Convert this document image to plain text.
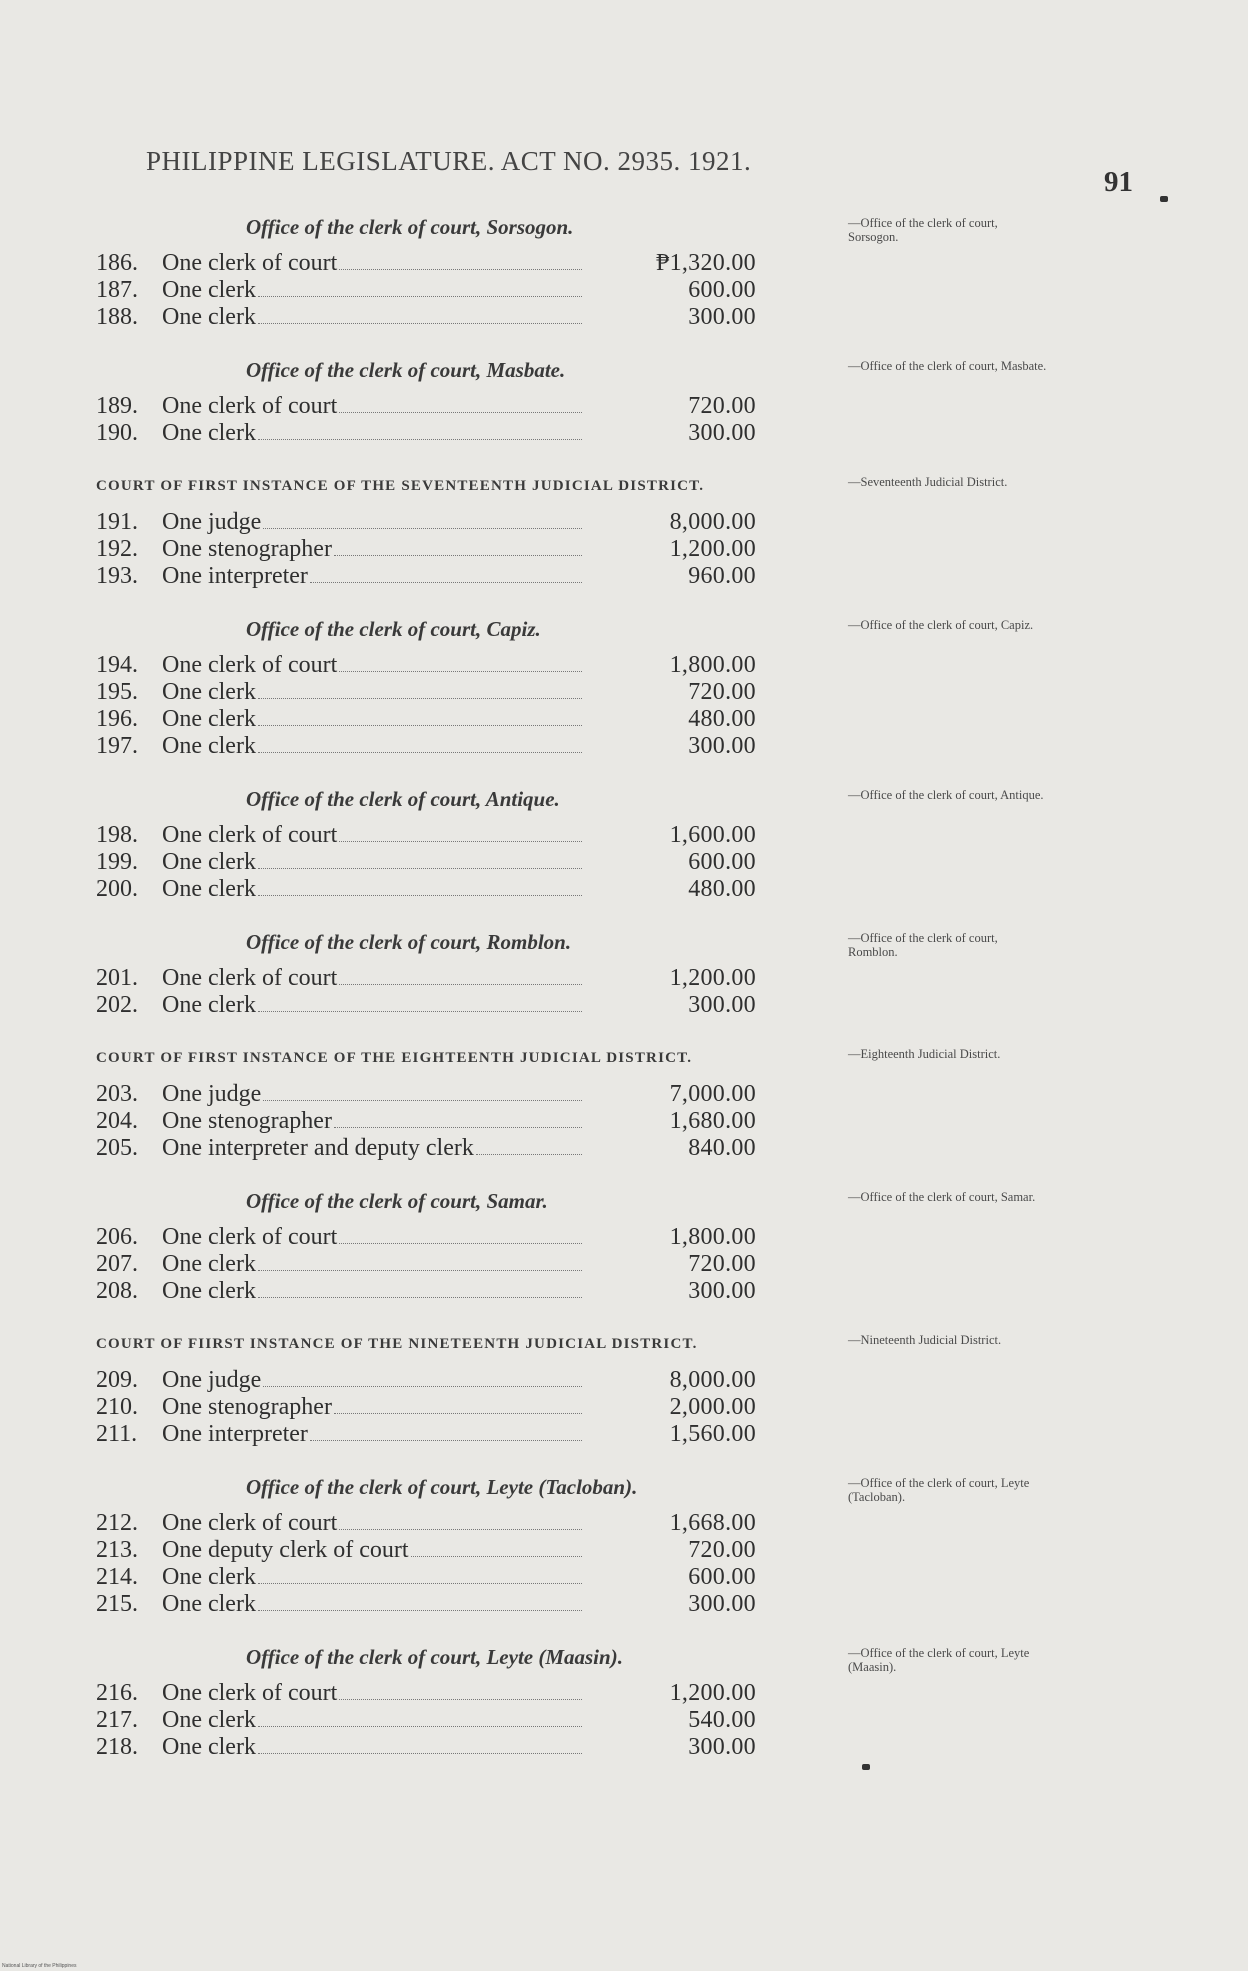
PHILIPPINE LEGISLATURE. ACT NO. 2935. 1921.
91
Office of the clerk of court, Sorsogon.	—Office of the clerk of court, Sorsogon.
186.	One clerk of court	₱1,320.00
187.	One clerk	600.00
188.	One clerk	300.00
Office of the clerk of court, Masbate.	—Office of the clerk of court, Masbate.
189.	One clerk of court	720.00
190.	One clerk	300.00
COURT OF FIRST INSTANCE OF THE SEVENTEENTH JUDICIAL DISTRICT.	—Seventeenth Judicial District.
191.	One judge	8,000.00
192.	One stenographer	1,200.00
193.	One interpreter	960.00
Office of the clerk of court, Capiz.	—Office of the clerk of court, Capiz.
194.	One clerk of court	1,800.00
195.	One clerk	720.00
196.	One clerk	480.00
197.	One clerk	300.00
Office of the clerk of court, Antique.	—Office of the clerk of court, Antique.
198.	One clerk of court	1,600.00
199.	One clerk	600.00
200.	One clerk	480.00
Office of the clerk of court, Romblon.	—Office of the clerk of court, Romblon.
201.	One clerk of court	1,200.00
202.	One clerk	300.00
COURT OF FIRST INSTANCE OF THE EIGHTEENTH JUDICIAL DISTRICT.	—Eighteenth Judicial District.
203.	One judge	7,000.00
204.	One stenographer	1,680.00
205.	One interpreter and deputy clerk	840.00
Office of the clerk of court, Samar.	—Office of the clerk of court, Samar.
206.	One clerk of court	1,800.00
207.	One clerk	720.00
208.	One clerk	300.00
COURT OF FIIRST INSTANCE OF THE NINETEENTH JUDICIAL DISTRICT.	—Nineteenth Judicial District.
209.	One judge	8,000.00
210.	One stenographer	2,000.00
211.	One interpreter	1,560.00
Office of the clerk of court, Leyte (Tacloban).	—Office of the clerk of court, Leyte (Tacloban).
212.	One clerk of court	1,668.00
213.	One deputy clerk of court	720.00
214.	One clerk	600.00
215.	One clerk	300.00
Office of the clerk of court, Leyte (Maasin).	—Office of the clerk of court, Leyte (Maasin).
216.	One clerk of court	1,200.00
217.	One clerk	540.00
218.	One clerk	300.00
National Library of the Philippines
